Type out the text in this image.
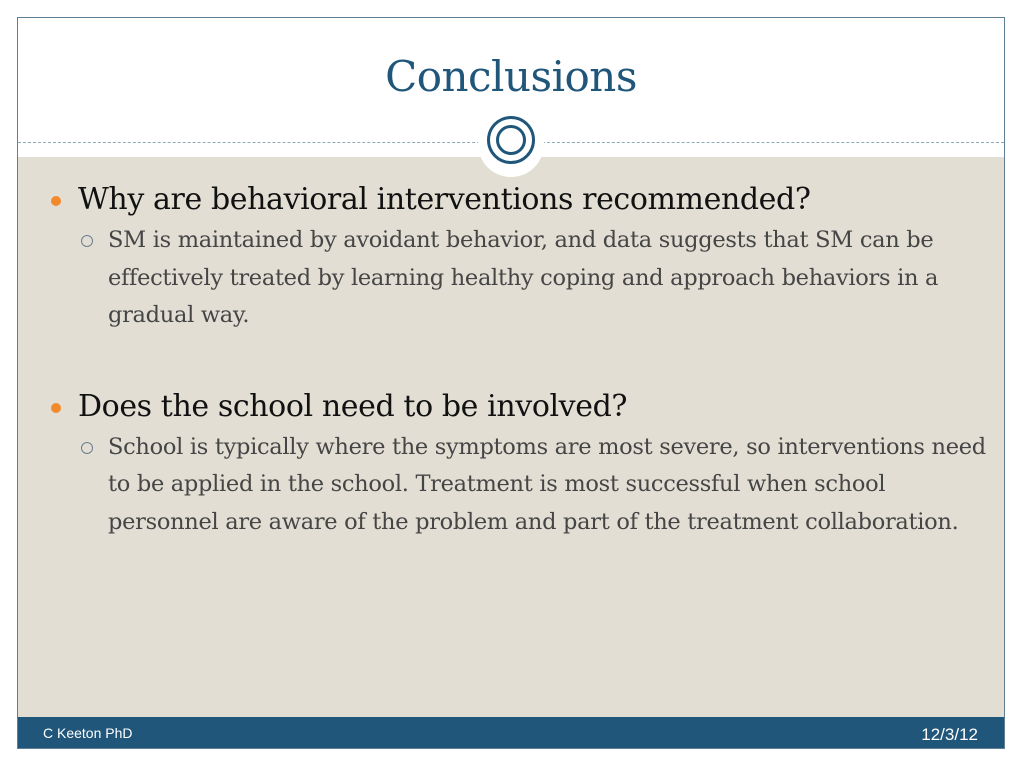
Conclusions
Why are behavioral interventions recommended?
SM is maintained by avoidant behavior, and data suggests that SM can be effectively treated by learning healthy coping and approach behaviors in a gradual way.
Does the school need to be involved?
School is typically where the symptoms are most severe, so interventions need to be applied in the school. Treatment is most successful when school personnel are aware of the problem and part of the treatment collaboration.
C Keeton PhD	12/3/12
